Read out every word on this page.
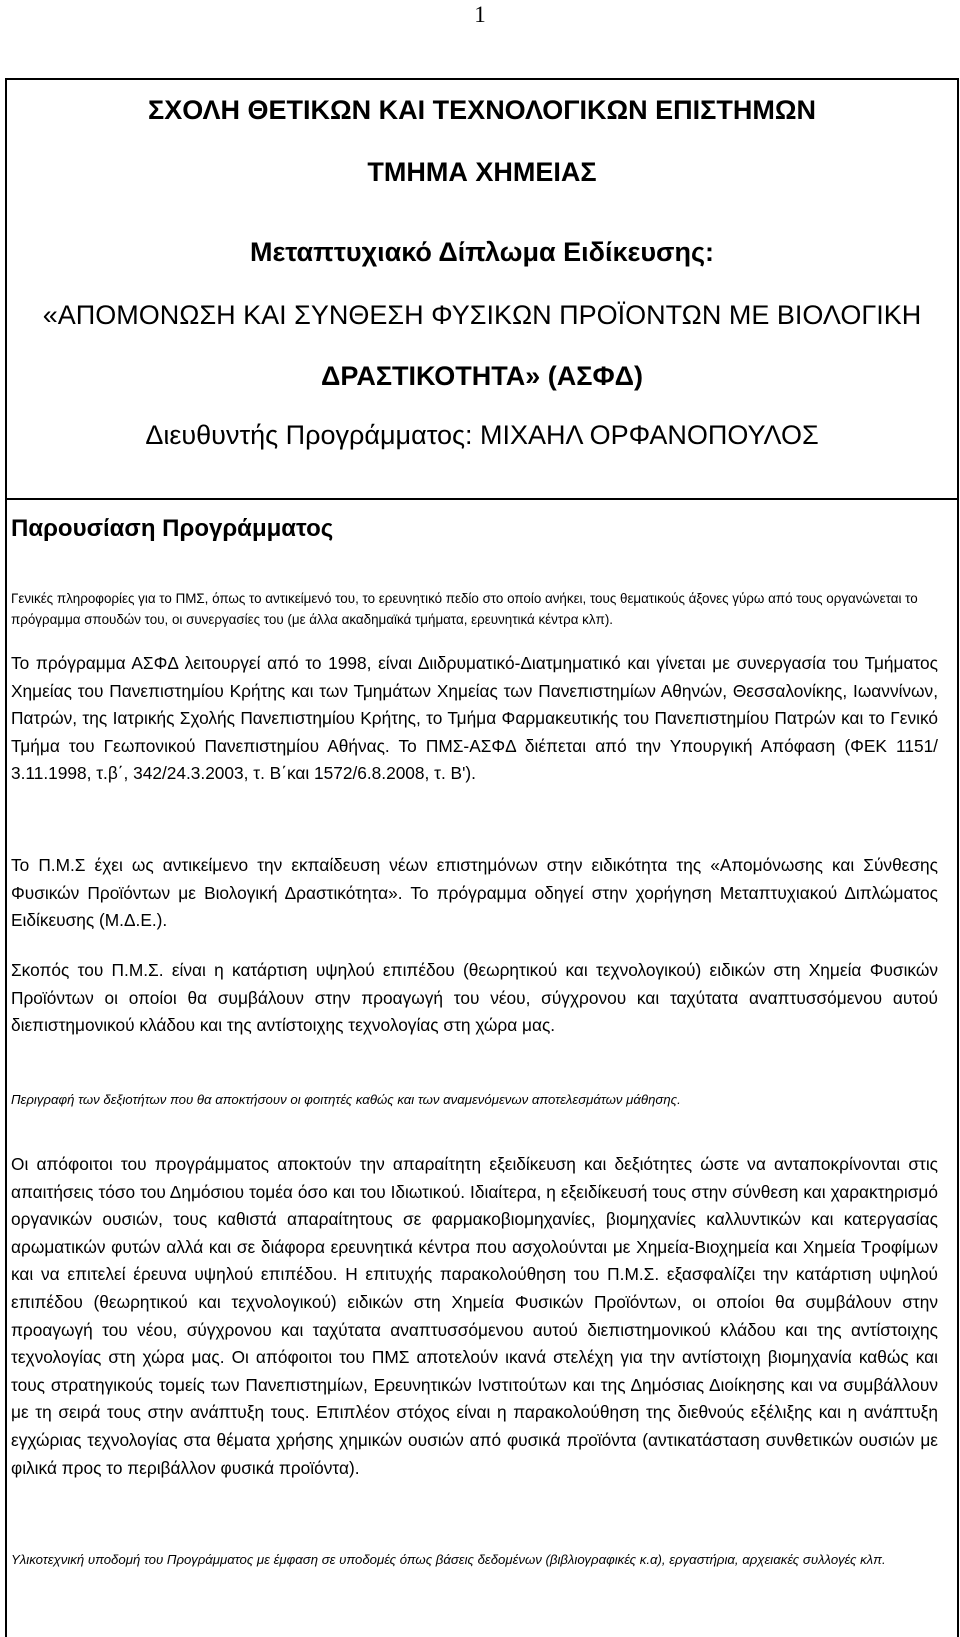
1
ΣΧΟΛΗ ΘΕΤΙΚΩΝ ΚΑΙ ΤΕΧΝΟΛΟΓΙΚΩΝ ΕΠΙΣΤΗΜΩΝ
ΤΜΗΜΑ ΧΗΜΕΙΑΣ
Μεταπτυχιακό Δίπλωμα Ειδίκευσης:
«ΑΠΟΜΟΝΩΣΗ ΚΑΙ ΣΥΝΘΕΣΗ ΦΥΣΙΚΩΝ ΠΡΟΪΟΝΤΩΝ ΜΕ ΒΙΟΛΟΓΙΚΗ
ΔΡΑΣΤΙΚΟΤΗΤΑ» (ΑΣΦΔ)
Διευθυντής Προγράμματος: ΜΙΧΑΗΛ ΟΡΦΑΝΟΠΟΥΛΟΣ
Παρουσίαση Προγράμματος

Γενικές πληροφορίες για το ΠΜΣ, όπως το αντικείμενό του, το ερευνητικό πεδίο στο οποίο ανήκει, τους θεματικούς άξονες γύρω από τους οργανώνεται το πρόγραμμα σπουδών του, οι συνεργασίες του (με άλλα ακαδημαϊκά τμήματα, ερευνητικά κέντρα κλπ).

Το πρόγραμμα ΑΣΦΔ λειτουργεί από το 1998, είναι Διιδρυματικό-Διατμηματικό και γίνεται με συνεργασία του Τμήματος Χημείας του Πανεπιστημίου Κρήτης και των Τμημάτων Χημείας των Πανεπιστημίων Αθηνών, Θεσσαλονίκης, Ιωαννίνων, Πατρών, της Ιατρικής Σχολής Πανεπιστημίου Κρήτης, το Τμήμα Φαρμακευτικής του Πανεπιστημίου Πατρών και το Γενικό Τμήμα του Γεωπονικού Πανεπιστημίου Αθήνας. Το ΠΜΣ-ΑΣΦΔ διέπεται από την Υπουργική Απόφαση (ΦΕΚ 1151/ 3.11.1998, τ.β΄, 342/24.3.2003, τ. Β΄και 1572/6.8.2008, τ. Β').

Το Π.Μ.Σ έχει ως αντικείμενο την εκπαίδευση νέων επιστημόνων στην ειδικότητα της «Απομόνωσης και Σύνθεσης Φυσικών Προϊόντων με Βιολογική Δραστικότητα». Το πρόγραμμα οδηγεί στην χορήγηση Μεταπτυχιακού Διπλώματος Ειδίκευσης (Μ.Δ.Ε.).

Σκοπός του Π.Μ.Σ. είναι η κατάρτιση υψηλού επιπέδου (θεωρητικού και τεχνολογικού) ειδικών στη Χημεία Φυσικών Προϊόντων οι οποίοι θα συμβάλουν στην προαγωγή του νέου, σύγχρονου και ταχύτατα αναπτυσσόμενου αυτού διεπιστημονικού κλάδου και της αντίστοιχης τεχνολογίας στη χώρα μας.

Περιγραφή των δεξιοτήτων που θα αποκτήσουν οι φοιτητές καθώς και των αναμενόμενων αποτελεσμάτων μάθησης.

Οι απόφοιτοι του προγράμματος αποκτούν την απαραίτητη εξειδίκευση και δεξιότητες ώστε να ανταποκρίνονται στις απαιτήσεις τόσο του Δημόσιου τομέα όσο και του Ιδιωτικού. Ιδιαίτερα, η εξειδίκευσή τους στην σύνθεση και χαρακτηρισμό οργανικών ουσιών, τους καθιστά απαραίτητους σε φαρμακοβιομηχανίες, βιομηχανίες καλλυντικών και κατεργασίας αρωματικών φυτών αλλά και σε διάφορα ερευνητικά κέντρα που ασχολούνται με Χημεία-Βιοχημεία και Χημεία Τροφίμων και να επιτελεί έρευνα υψηλού επιπέδου. Η επιτυχής παρακολούθηση του Π.Μ.Σ. εξασφαλίζει την κατάρτιση υψηλού επιπέδου (θεωρητικού και τεχνολογικού) ειδικών στη Χημεία Φυσικών Προϊόντων, οι οποίοι θα συμβάλουν στην προαγωγή του νέου, σύγχρονου και ταχύτατα αναπτυσσόμενου αυτού διεπιστημονικού κλάδου και της αντίστοιχης τεχνολογίας στη χώρα μας. Οι απόφοιτοι του ΠΜΣ αποτελούν ικανά στελέχη για την αντίστοιχη βιομηχανία καθώς και τους στρατηγικούς τομείς των Πανεπιστημίων, Ερευνητικών Ινστιτούτων και της Δημόσιας Διοίκησης και να συμβάλλουν με τη σειρά τους στην ανάπτυξη τους. Επιπλέον στόχος είναι η παρακολούθηση της διεθνούς εξέλιξης και η ανάπτυξη εγχώριας τεχνολογίας στα θέματα χρήσης χημικών ουσιών από φυσικά προϊόντα (αντικατάσταση συνθετικών ουσιών με φιλικά προς το περιβάλλον φυσικά προϊόντα).

Υλικοτεχνική υποδομή του Προγράμματος με έμφαση σε υποδομές όπως βάσεις δεδομένων (βιβλιογραφικές κ.α), εργαστήρια, αρχειακές συλλογές κλπ.
